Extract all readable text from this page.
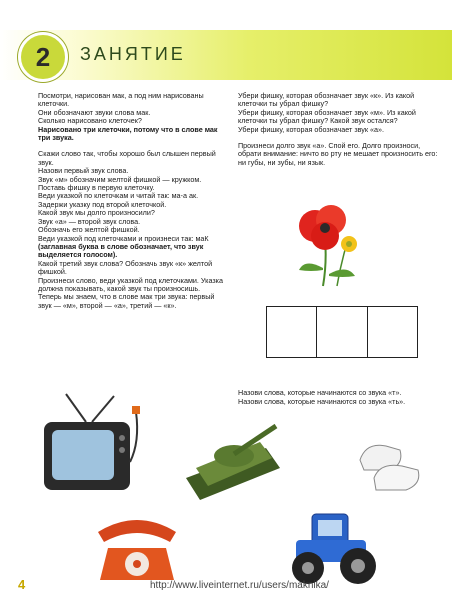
2	ЗАНЯТИЕ

Посмотри, нарисован мак, а под ним нарисованы клеточки.

Они обозначают звуки слова мак.

Сколько нарисовано клеточек?

Нарисовано три клеточки, потому что в слове мак три звука.

Скажи слово так, чтобы хорошо был слышен первый звук.

Назови первый звук слова.

Звук «м» обозначим желтой фишкой — кружком.

Поставь фишку в первую клеточку.

Веди указкой по клеточкам и читай так: ма-а ак.

Задержи указку под второй клеточкой.

Какой звук мы долго произносили?

Звук «а» — второй звук слова.

Обозначь его желтой фишкой.

Веди указкой под клеточками и произнеси так: маК

(заглавная буква в слове обозначает, что звук выделяется голосом).

Какой третий звук слова? Обозначь звук «к» желтой фишкой.

Произнеси слово, веди указкой под клеточками. Указка должна показывать, какой звук ты произносишь.

Теперь мы знаем, что в слове мак три звука: первый звук — «м», второй — «а», третий — «к».

Убери фишку, которая обозначает звук «к». Из какой клеточки ты убрал фишку?

Убери фишку, которая обозначает звук «м». Из какой клеточки ты убрал фишку? Какой звук остался?

Убери фишку, которая обозначает звук «а».

Произнеси долго звук «а». Спой его. Долго произноси, обрати внимание: ничто во рту не мешает произносить его: ни губы, ни зубы, ни язык.

Назови слова, которые начинаются со звука «т».

Назови слова, которые начинаются со звука «ть».

4	http://www.liveinternet.ru/users/maknika/
